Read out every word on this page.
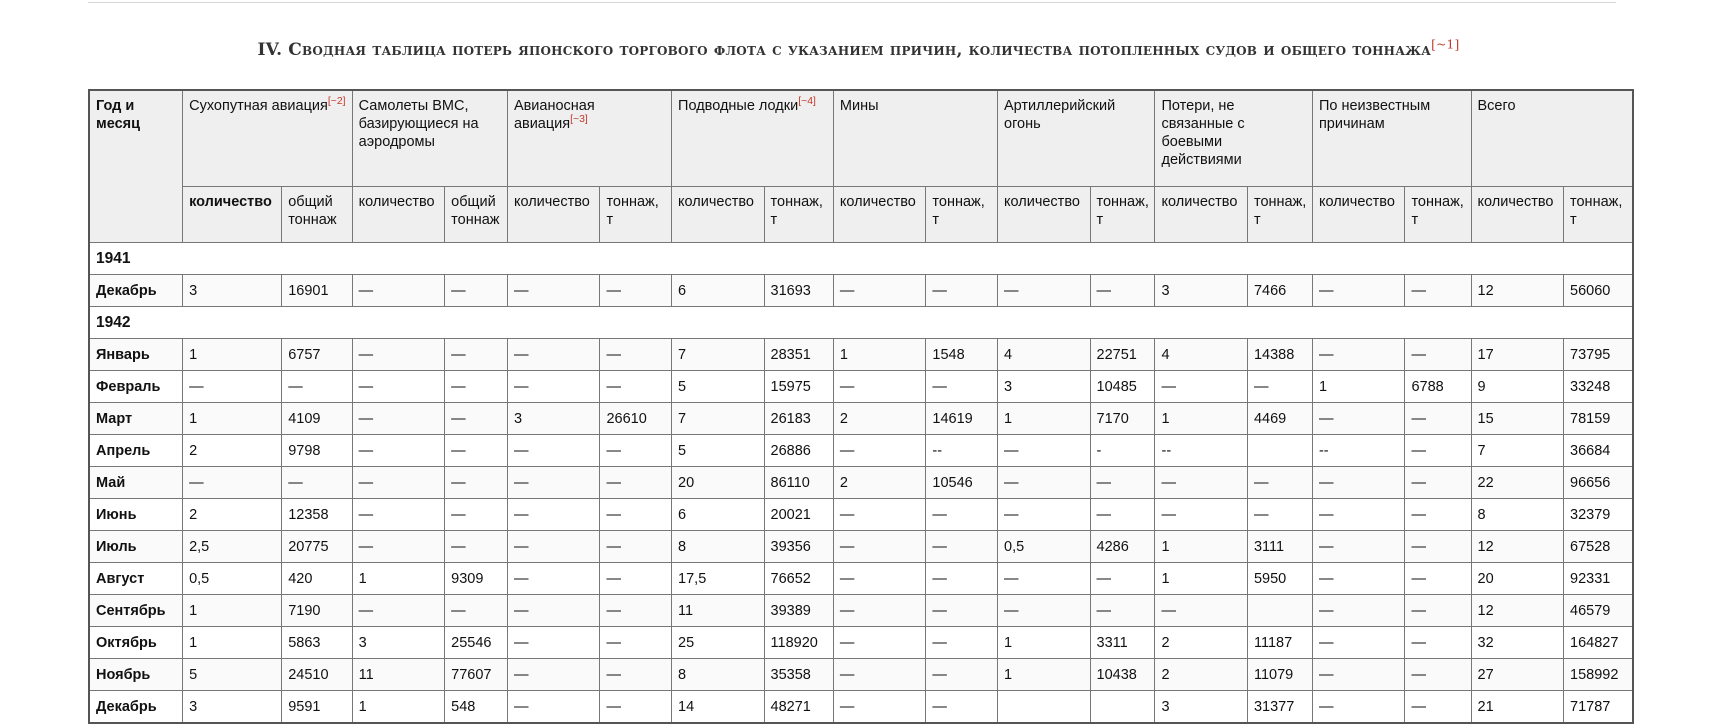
IV. Сводная таблица потерь японского торгового флота с указанием причин, количества потопленных судов и общего тоннажа[~1]
Год и месяц	Сухопутная авиация[~2]		Самолеты ВМС, базирующиеся на аэродромы		Авианосная авиация[~3]		Подводные лодки[~4]		Мины		Артиллерийский огонь		Потери, не связанные с боевыми действиями		По неизвестным причинам		Всего	
	количество	общий тоннаж	количество	общий тоннаж	количество	тоннаж, т	количество	тоннаж, т	количество	тоннаж, т	количество	тоннаж, т	количество	тоннаж, т	количество	тоннаж, т	количество	тоннаж, т
1941																		
Декабрь	3	16901	—	—	—	—	6	31693	—	—	—	—	3	7466	—	—	12	56060
1942																		
Январь	1	6757	—	—	—	—	7	28351	1	1548	4	22751	4	14388	—	—	17	73795
Февраль	—	—	—	—	—	—	5	15975	—	—	3	10485	—	—	1	6788	9	33248
Март	1	4109	—	—	3	26610	7	26183	2	14619	1	7170	1	4469	—	—	15	78159
Апрель	2	9798	—	—	—	—	5	26886	—	--	—	-	--		--	—	7	36684
Май	—	—	—	—	—	—	20	86110	2	10546	—	—	—	—	—	—	22	96656
Июнь	2	12358	—	—	—	—	6	20021	—	—	—	—	—	—	—	—	8	32379
Июль	2,5	20775	—	—	—	—	8	39356	—	—	0,5	4286	1	3111	—	—	12	67528
Август	0,5	420	1	9309	—	—	17,5	76652	—	—	—	—	1	5950	—	—	20	92331
Сентябрь	1	7190	—	—	—	—	11	39389	—	—	—	—	—		—	—	12	46579
Октябрь	1	5863	3	25546	—	—	25	118920	—	—	1	3311	2	11187	—	—	32	164827
Ноябрь	5	24510	11	77607	—	—	8	35358	—	—	1	10438	2	11079	—	—	27	158992
Декабрь	3	9591	1	548	—	—	14	48271	—	—			3	31377	—	—	21	71787
